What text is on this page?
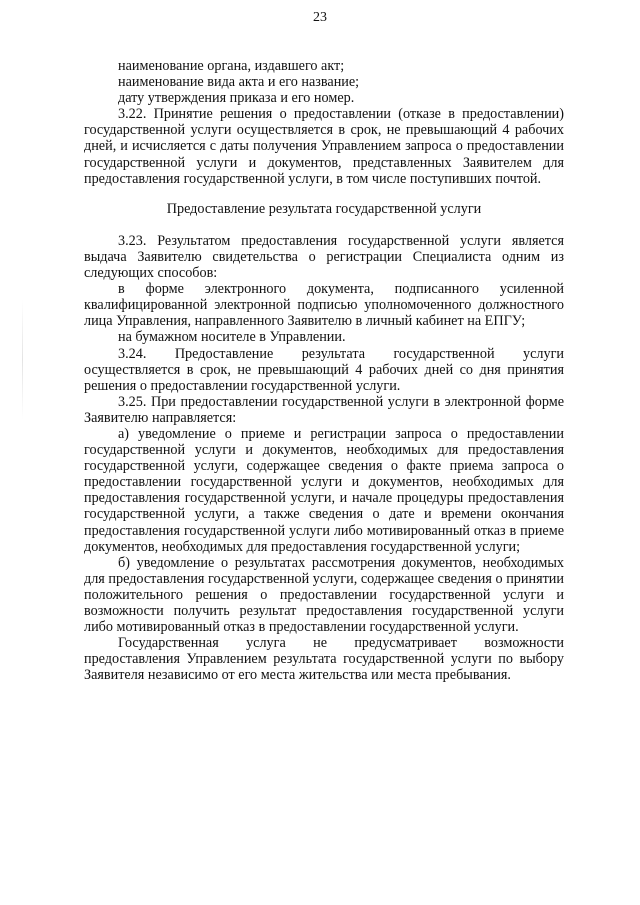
23

наименование органа, издавшего акт;

наименование вида акта и его название;

дату утверждения приказа и его номер.

3.22. Принятие решения о предоставлении (отказе в предоставлении) государственной услуги осуществляется в срок, не превышающий 4 рабочих дней, и исчисляется с даты получения Управлением запроса о предоставлении государственной услуги и документов, представленных Заявителем для предоставления государственной услуги, в том числе поступивших почтой.

Предоставление результата государственной услуги

3.23. Результатом предоставления государственной услуги является выдача Заявителю свидетельства о регистрации Специалиста одним из следующих способов:

в форме электронного документа, подписанного усиленной квалифицированной электронной подписью уполномоченного должностного лица Управления, направленного Заявителю в личный кабинет на ЕПГУ;

на бумажном носителе в Управлении.

3.24. Предоставление результата государственной услуги осуществляется в срок, не превышающий 4 рабочих дней со дня принятия решения о предоставлении государственной услуги.

3.25. При предоставлении государственной услуги в электронной форме Заявителю направляется:

а) уведомление о приеме и регистрации запроса о предоставлении государственной услуги и документов, необходимых для предоставления государственной услуги, содержащее сведения о факте приема запроса о предоставлении государственной услуги и документов, необходимых для предоставления государственной услуги, и начале процедуры предоставления государственной услуги, а также сведения о дате и времени окончания предоставления государственной услуги либо мотивированный отказ в приеме документов, необходимых для предоставления государственной услуги;

б) уведомление о результатах рассмотрения документов, необходимых для предоставления государственной услуги, содержащее сведения о принятии положительного решения о предоставлении государственной услуги и возможности получить результат предоставления государственной услуги либо мотивированный отказ в предоставлении государственной услуги.

Государственная услуга не предусматривает возможности предоставления Управлением результата государственной услуги по выбору Заявителя независимо от его места жительства или места пребывания.
